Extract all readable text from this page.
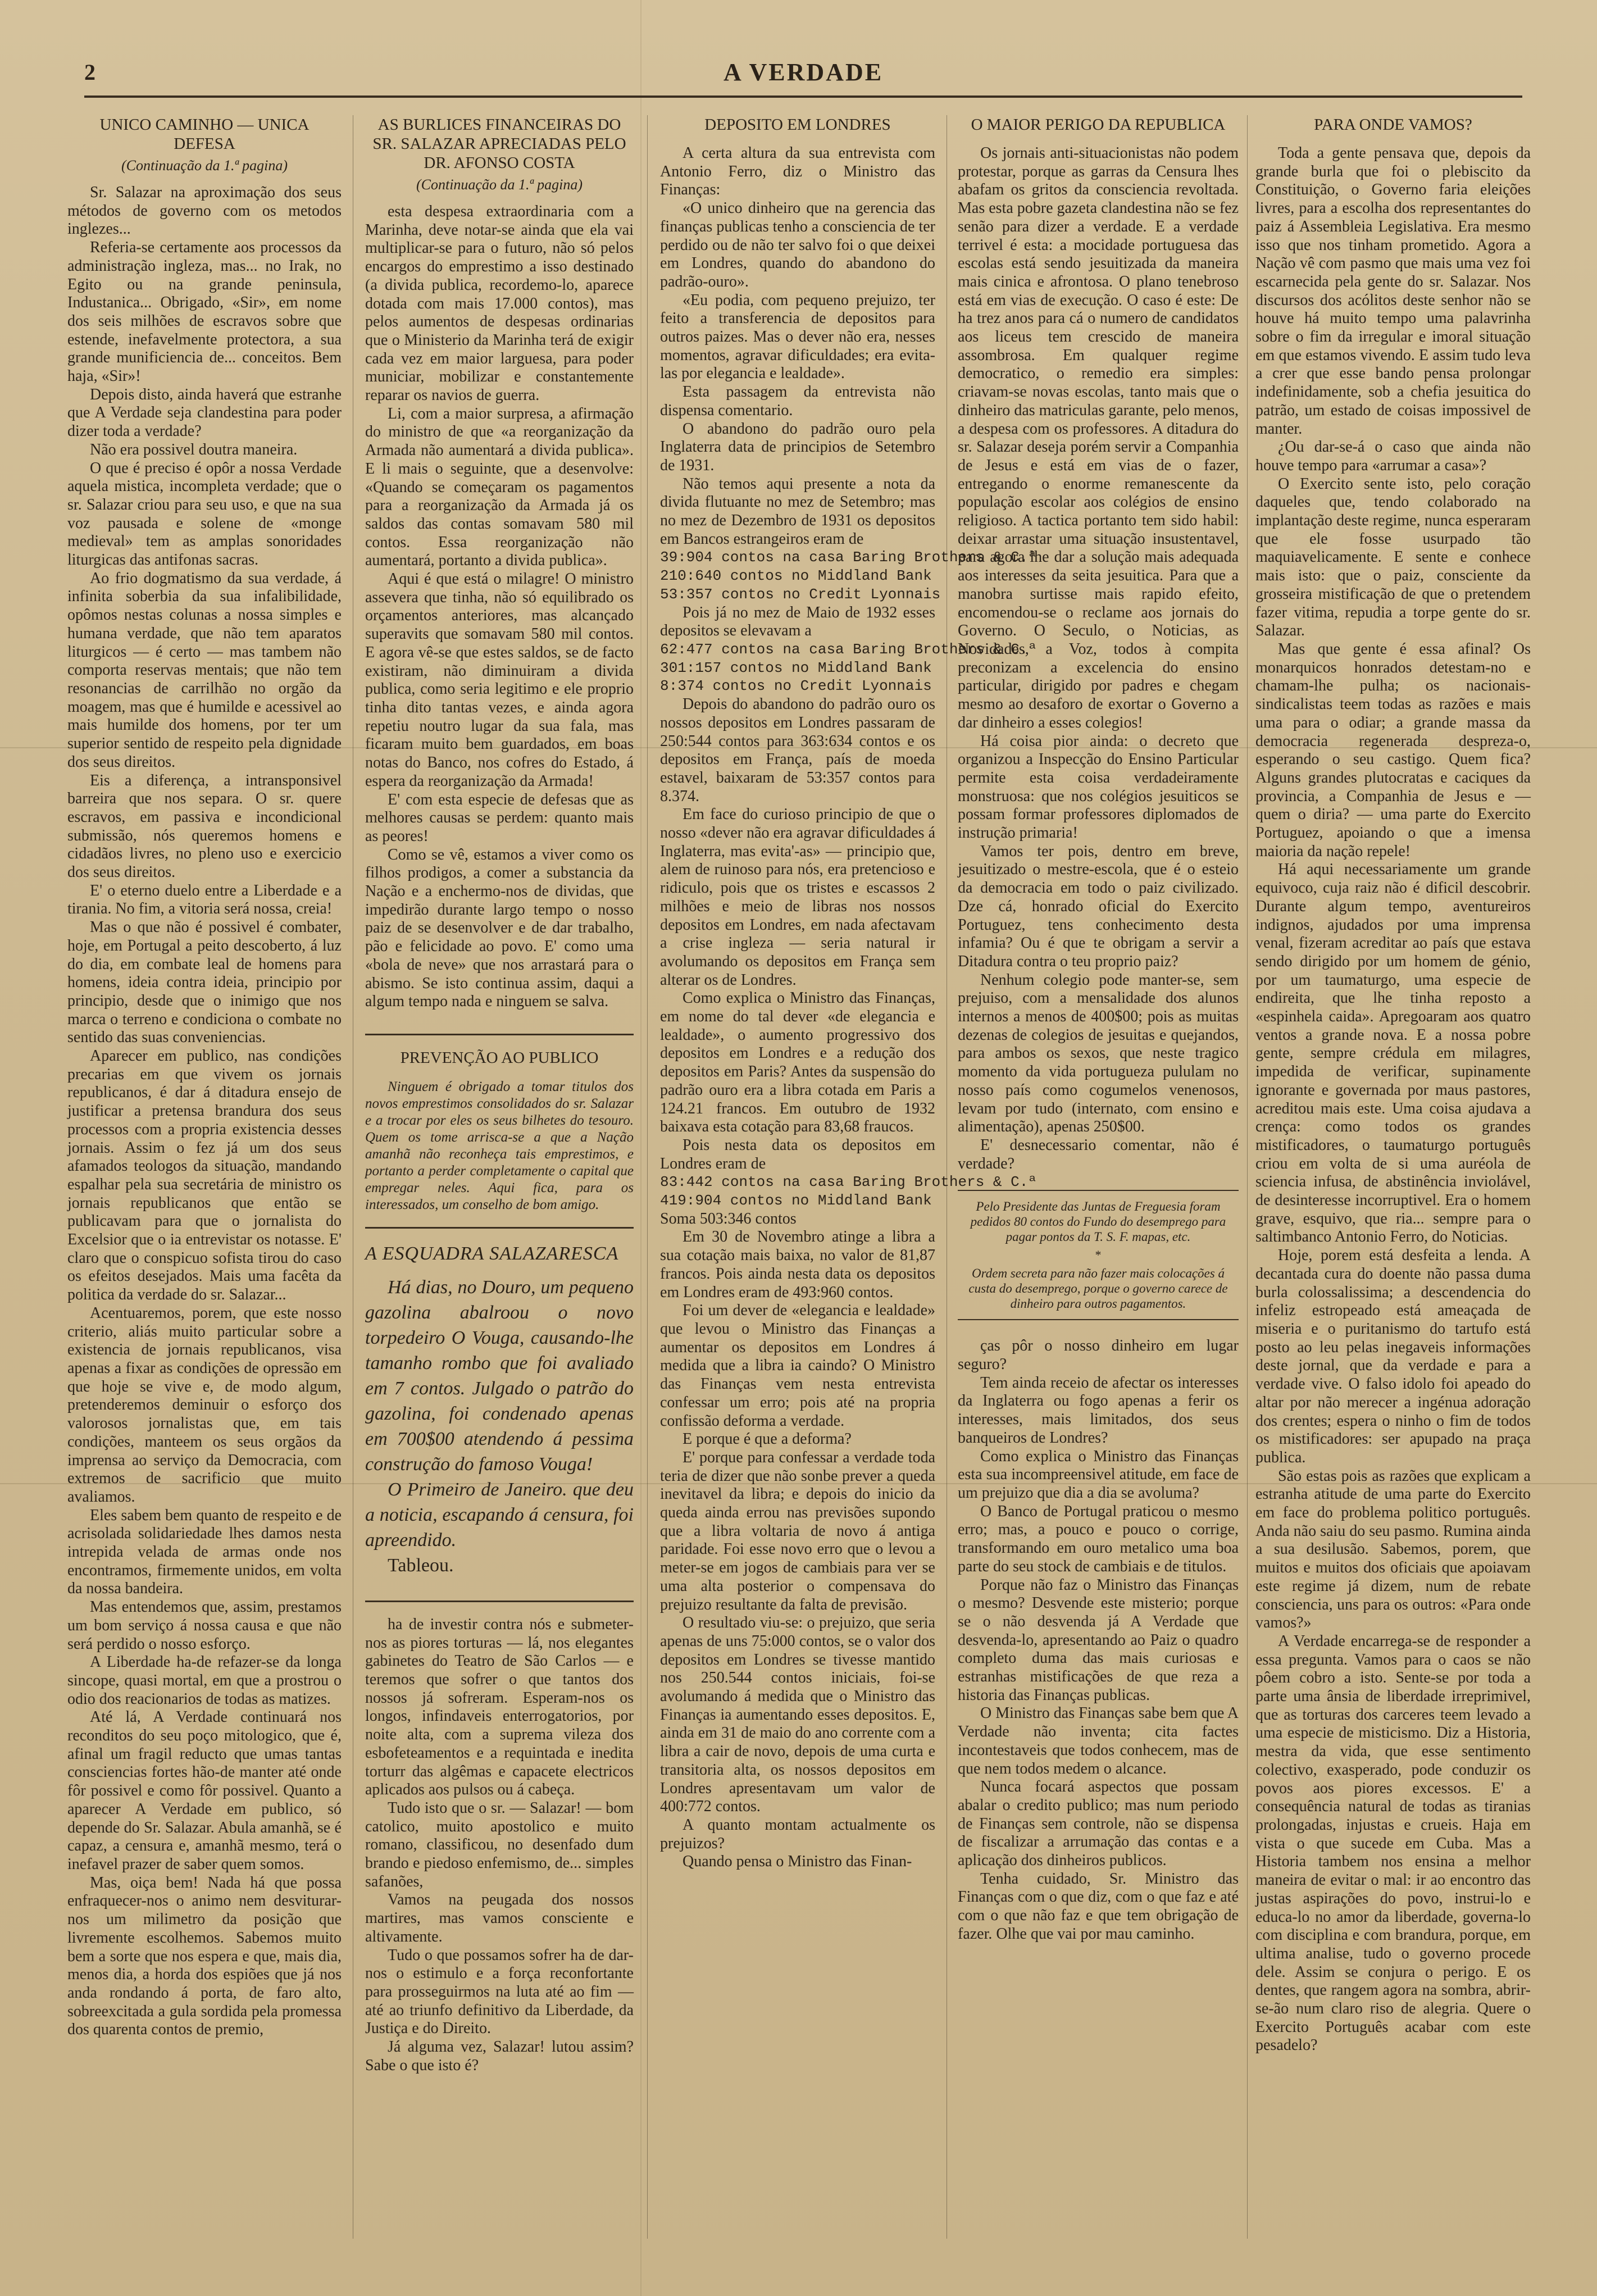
2	A VERDADE
UNICO CAMINHO — UNICA DEFESA
(Continuação da 1.ª pagina)

Sr. Salazar na aproximação dos seus métodos de governo com os metodos inglezes...

Referia-se certamente aos processos da administração ingleza, mas... no Irak, no Egito ou na grande peninsula, Industanica... Obrigado, «Sir», em nome dos seis milhões de escravos sobre que estende, inefavelmente protectora, a sua grande munificiencia de... conceitos. Bem haja, «Sir»!

Depois disto, ainda haverá que estranhe que A Verdade seja clandestina para poder dizer toda a verdade?

Não era possivel doutra maneira.

O que é preciso é opôr a nossa Verdade aquela mistica, incompleta verdade; que o sr. Salazar criou para seu uso, e que na sua voz pausada e solene de «monge medieval» tem as amplas sonoridades liturgicas das antifonas sacras.

Ao frio dogmatismo da sua verdade, á infinita soberbia da sua infalibilidade, opômos nestas colunas a nossa simples e humana verdade, que não tem aparatos liturgicos — é certo — mas tambem não comporta reservas mentais; que não tem resonancias de carrilhão no orgão da moagem, mas que é humilde e acessivel ao mais humilde dos homens, por ter um superior sentido de respeito pela dignidade dos seus direitos.

Eis a diferença, a intransponsivel barreira que nos separa. O sr. quere escravos, em passiva e incondicional submissão, nós queremos homens e cidadãos livres, no pleno uso e exercicio dos seus direitos.

E' o eterno duelo entre a Liberdade e a tirania. No fim, a vitoria será nossa, creia!

Mas o que não é possivel é combater, hoje, em Portugal a peito descoberto, á luz do dia, em combate leal de homens para homens, ideia contra ideia, principio por principio, desde que o inimigo que nos marca o terreno e condiciona o combate no sentido das suas conveniencias.

Aparecer em publico, nas condições precarias em que vivem os jornais republicanos, é dar á ditadura ensejo de justificar a pretensa brandura dos seus processos com a propria existencia desses jornais. Assim o fez já um dos seus afamados teologos da situação, mandando espalhar pela sua secretária de ministro os jornais republicanos que então se publicavam para que o jornalista do Excelsior que o ia entrevistar os notasse. E' claro que o conspicuo sofista tirou do caso os efeitos desejados. Mais uma facêta da politica da verdade do sr. Salazar...

Acentuaremos, porem, que este nosso criterio, aliás muito particular sobre a existencia de jornais republicanos, visa apenas a fixar as condições de opressão em que hoje se vive e, de modo algum, pretenderemos deminuir o esforço dos valorosos jornalistas que, em tais condições, manteem os seus orgãos da imprensa ao serviço da Democracia, com extremos de sacrificio que muito avaliamos.

Eles sabem bem quanto de respeito e de acrisolada solidariedade lhes damos nesta intrepida velada de armas onde nos encontramos, firmemente unidos, em volta da nossa bandeira.

Mas entendemos que, assim, prestamos um bom serviço á nossa causa e que não será perdido o nosso esforço.

A Liberdade ha-de refazer-se da longa sincope, quasi mortal, em que a prostrou o odio dos reacionarios de todas as matizes.

Até lá, A Verdade continuará nos reconditos do seu poço mitologico, que é, afinal um fragil reducto que umas tantas consciencias fortes hão-de manter até onde fôr possivel e como fôr possivel. Quanto a aparecer A Verdade em publico, só depende do Sr. Salazar. Abula amanhã, se é capaz, a censura e, amanhã mesmo, terá o inefavel prazer de saber quem somos.

Mas, oiça bem! Nada há que possa enfraquecer-nos o animo nem desviturar-nos um milimetro da posição que livremente escolhemos. Sabemos muito bem a sorte que nos espera e que, mais dia, menos dia, a horda dos espiões que já nos anda rondando á porta, de faro alto, sobreexcitada a gula sordida pela promessa dos quarenta contos de premio,

AS BURLICES FINANCEIRAS DO SR. SALAZAR APRECIADAS PELO DR. AFONSO COSTA
(Continuação da 1.ª pagina)

esta despesa extraordinaria com a Marinha, deve notar-se ainda que ela vai multiplicar-se para o futuro, não só pelos encargos do emprestimo a isso destinado (a divida publica, recordemo-lo, aparece dotada com mais 17.000 contos), mas pelos aumentos de despesas ordinarias que o Ministerio da Marinha terá de exigir cada vez em maior larguesa, para poder municiar, mobilizar e constantemente reparar os navios de guerra.

Li, com a maior surpresa, a afirmação do ministro de que «a reorganização da Armada não aumentará a divida publica». E li mais o seguinte, que a desenvolve: «Quando se começaram os pagamentos para a reorganização da Armada já os saldos das contas somavam 580 mil contos. Essa reorganização não aumentará, portanto a divida publica».

Aqui é que está o milagre! O ministro assevera que tinha, não só equilibrado os orçamentos anteriores, mas alcançado superavits que somavam 580 mil contos. E agora vê-se que estes saldos, se de facto existiram, não diminuiram a divida publica, como seria legitimo e ele proprio tinha dito tantas vezes, e ainda agora repetiu noutro lugar da sua fala, mas ficaram muito bem guardados, em boas notas do Banco, nos cofres do Estado, á espera da reorganização da Armada!

E' com esta especie de defesas que as melhores causas se perdem: quanto mais as peores!

Como se vê, estamos a viver como os filhos prodigos, a comer a substancia da Nação e a enchermo-nos de dividas, que impedirão durante largo tempo o nosso paiz de se desenvolver e de dar trabalho, pão e felicidade ao povo. E' como uma «bola de neve» que nos arrastará para o abismo. Se isto continua assim, daqui a algum tempo nada e ninguem se salva.

PREVENÇÃO AO PUBLICO

Ninguem é obrigado a tomar titulos dos novos emprestimos consolidados do sr. Salazar e a trocar por eles os seus bilhetes do tesouro. Quem os tome arrisca-se a que a Nação amanhã não reconheça tais emprestimos, e portanto a perder completamente o capital que empregar neles. Aqui fica, para os interessados, um conselho de bom amigo.

A ESQUADRA SALAZARESCA

Há dias, no Douro, um pequeno gazolina abalroou o novo torpedeiro O Vouga, causando-lhe tamanho rombo que foi avaliado em 7 contos. Julgado o patrão do gazolina, foi condenado apenas em 700$00 atendendo á pessima construção do famoso Vouga!

O Primeiro de Janeiro. que deu a noticia, escapando á censura, foi apreendido.

Tableou.

ha de investir contra nós e submeter-nos as piores torturas — lá, nos elegantes gabinetes do Teatro de São Carlos — e teremos que sofrer o que tantos dos nossos já sofreram. Esperam-nos os longos, infindaveis enterrogatorios, por noite alta, com a suprema vileza dos esbofeteamentos e a requintada e inedita torturr das algêmas e capacete electricos aplicados aos pulsos ou á cabeça.

Tudo isto que o sr. — Salazar! — bom catolico, muito apostolico e muito romano, classificou, no desenfado dum brando e piedoso enfemismo, de... simples safanões,

Vamos na peugada dos nossos martires, mas vamos consciente e altivamente.

Tudo o que possamos sofrer ha de dar-nos o estimulo e a força reconfortante para prosseguirmos na luta até ao fim — até ao triunfo definitivo da Liberdade, da Justiça e do Direito.

Já alguma vez, Salazar! lutou assim? Sabe o que isto é?

DEPOSITO EM LONDRES

A certa altura da sua entrevista com Antonio Ferro, diz o Ministro das Finanças:

«O unico dinheiro que na gerencia das finanças publicas tenho a consciencia de ter perdido ou de não ter salvo foi o que deixei em Londres, quando do abandono do padrão-ouro».

«Eu podia, com pequeno prejuizo, ter feito a transferencia de depositos para outros paizes. Mas o dever não era, nesses momentos, agravar dificuldades; era evita-las por elegancia e lealdade».

Esta passagem da entrevista não dispensa comentario.

O abandono do padrão ouro pela Inglaterra data de principios de Setembro de 1931.

Não temos aqui presente a nota da divida flutuante no mez de Setembro; mas no mez de Dezembro de 1931 os depositos em Bancos estrangeiros eram de

39:904 contos na casa Baring Brothers & C.ª
210:640 contos no Middland Bank
53:357 contos no Credit Lyonnais

Pois já no mez de Maio de 1932 esses depositos se elevavam a

62:477 contos na casa Baring Brothers & C.ª
301:157 contos no Middland Bank
8:374 contos no Credit Lyonnais

Depois do abandono do padrão ouro os nossos depositos em Londres passaram de 250:544 contos para 363:634 contos e os depositos em França, país de moeda estavel, baixaram de 53:357 contos para 8.374.

Em face do curioso principio de que o nosso «dever não era agravar dificuldades á Inglaterra, mas evita'-as» — principio que, alem de ruinoso para nós, era pretencioso e ridiculo, pois que os tristes e escassos 2 milhões e meio de libras nos nossos depositos em Londres, em nada afectavam a crise ingleza — seria natural ir avolumando os depositos em França sem alterar os de Londres.

Como explica o Ministro das Finanças, em nome do tal dever «de elegancia e lealdade», o aumento progressivo dos depositos em Londres e a redução dos depositos em Paris? Antes da suspensão do padrão ouro era a libra cotada em Paris a 124.21 francos. Em outubro de 1932 baixava esta cotação para 83,68 fraucos.

Pois nesta data os depositos em Londres eram de

83:442 contos na casa Baring Brothers & C.ª
419:904 contos no Middland Bank

Soma 503:346 contos

Em 30 de Novembro atinge a libra a sua cotação mais baixa, no valor de 81,87 francos. Pois ainda nesta data os depositos em Londres eram de 493:960 contos.

Foi um dever de «elegancia e lealdade» que levou o Ministro das Finanças a aumentar os depositos em Londres á medida que a libra ia caindo? O Ministro das Finanças vem nesta entrevista confessar um erro; pois até na propria confissão deforma a verdade.

E porque é que a deforma?

E' porque para confessar a verdade toda teria de dizer que não sonbe prever a queda inevitavel da libra; e depois do inicio da queda ainda errou nas previsões supondo que a libra voltaria de novo á antiga paridade. Foi esse novo erro que o levou a meter-se em jogos de cambiais para ver se uma alta posterior o compensava do prejuizo resultante da falta de previsão.

O resultado viu-se: o prejuizo, que seria apenas de uns 75:000 contos, se o valor dos depositos em Londres se tivesse mantido nos 250.544 contos iniciais, foi-se avolumando á medida que o Ministro das Finanças ia aumentando esses depositos. E, ainda em 31 de maio do ano corrente com a libra a cair de novo, depois de uma curta e transitoria alta, os nossos depositos em Londres apresentavam um valor de 400:772 contos.

A quanto montam actualmente os prejuizos?

Quando pensa o Ministro das Finan-

O MAIOR PERIGO DA REPUBLICA

Os jornais anti-situacionistas não podem protestar, porque as garras da Censura lhes abafam os gritos da consciencia revoltada. Mas esta pobre gazeta clandestina não se fez senão para dizer a verdade. E a verdade terrivel é esta: a mocidade portuguesa das escolas está sendo jesuitizada da maneira mais cinica e afrontosa. O plano tenebroso está em vias de execução. O caso é este: De ha trez anos para cá o numero de candidatos aos liceus tem crescido de maneira assombrosa. Em qualquer regime democratico, o remedio era simples: criavam-se novas escolas, tanto mais que o dinheiro das matriculas garante, pelo menos, a despesa com os professores. A ditadura do sr. Salazar deseja porém servir a Companhia de Jesus e está em vias de o fazer, entregando o enorme remanescente da população escolar aos colégios de ensino religioso. A tactica portanto tem sido habil: deixar arrastar uma situação insustentavel, para agora lhe dar a solução mais adequada aos interesses da seita jesuitica. Para que a manobra surtisse mais rapido efeito, encomendou-se o reclame aos jornais do Governo. O Seculo, o Noticias, as Novidades, a Voz, todos à compita preconizam a excelencia do ensino particular, dirigido por padres e chegam mesmo ao desaforo de exortar o Governo a dar dinheiro a esses colegios!

Há coisa pior ainda: o decreto que organizou a Inspecção do Ensino Particular permite esta coisa verdadeiramente monstruosa: que nos colégios jesuiticos se possam formar professores diplomados de instrução primaria!

Vamos ter pois, dentro em breve, jesuitizado o mestre-escola, que é o esteio da democracia em todo o paiz civilizado. Dze cá, honrado oficial do Exercito Portuguez, tens conhecimento desta infamia? Ou é que te obrigam a servir a Ditadura contra o teu proprio paiz?

Nenhum colegio pode manter-se, sem prejuiso, com a mensalidade dos alunos internos a menos de 400$00; pois as muitas dezenas de colegios de jesuitas e quejandos, para ambos os sexos, que neste tragico momento da vida portugueza pululam no nosso país como cogumelos venenosos, levam por tudo (internato, com ensino e alimentação), apenas 250$00.

E' desnecessario comentar, não é verdade?

Pelo Presidente das Juntas de Freguesia foram pedidos 80 contos do Fundo do desemprego para pagar pontos da T. S. F. mapas, etc.

*

Ordem secreta para não fazer mais colocações á custa do desemprego, porque o governo carece de dinheiro para outros pagamentos.

ças pôr o nosso dinheiro em lugar seguro?

Tem ainda receio de afectar os interesses da Inglaterra ou fogo apenas a ferir os interesses, mais limitados, dos seus banqueiros de Londres?

Como explica o Ministro das Finanças esta sua incompreensivel atitude, em face de um prejuizo que dia a dia se avoluma?

O Banco de Portugal praticou o mesmo erro; mas, a pouco e pouco o corrige, transformando em ouro metalico uma boa parte do seu stock de cambiais e de titulos.

Porque não faz o Ministro das Finanças o mesmo? Desvende este misterio; porque se o não desvenda já A Verdade que desvenda-lo, apresentando ao Paiz o quadro completo duma das mais curiosas e estranhas mistificações de que reza a historia das Finanças publicas.

O Ministro das Finanças sabe bem que A Verdade não inventa; cita factes incontestaveis que todos conhecem, mas de que nem todos medem o alcance.

Nunca focará aspectos que possam abalar o credito publico; mas num periodo de Finanças sem controle, não se dispensa de fiscalizar a arrumação das contas e a aplicação dos dinheiros publicos.

Tenha cuidado, Sr. Ministro das Finanças com o que diz, com o que faz e até com o que não faz e que tem obrigação de fazer. Olhe que vai por mau caminho.

PARA ONDE VAMOS?

Toda a gente pensava que, depois da grande burla que foi o plebiscito da Constituição, o Governo faria eleições livres, para a escolha dos representantes do paiz á Assembleia Legislativa. Era mesmo isso que nos tinham prometido. Agora a Nação vê com pasmo que mais uma vez foi escarnecida pela gente do sr. Salazar. Nos discursos dos acólitos deste senhor não se houve há muito tempo uma palavrinha sobre o fim da irregular e imoral situação em que estamos vivendo. E assim tudo leva a crer que esse bando pensa prolongar indefinidamente, sob a chefia jesuitica do patrão, um estado de coisas impossivel de manter.

¿Ou dar-se-á o caso que ainda não houve tempo para «arrumar a casa»?

O Exercito sente isto, pelo coração daqueles que, tendo colaborado na implantação deste regime, nunca esperaram que ele fosse usurpado tão maquiavelicamente. E sente e conhece mais isto: que o paiz, consciente da grosseira mistificação de que o pretendem fazer vitima, repudia a torpe gente do sr. Salazar.

Mas que gente é essa afinal? Os monarquicos honrados detestam-no e chamam-lhe pulha; os nacionais-sindicalistas teem todas as razões e mais uma para o odiar; a grande massa da democracia regenerada despreza-o, esperando o seu castigo. Quem fica? Alguns grandes plutocratas e caciques da provincia, a Companhia de Jesus e — quem o diria? — uma parte do Exercito Portuguez, apoiando o que a imensa maioria da nação repele!

Há aqui necessariamente um grande equivoco, cuja raiz não é dificil descobrir. Durante algum tempo, aventureiros indignos, ajudados por uma imprensa venal, fizeram acreditar ao país que estava sendo dirigido por um homem de génio, por um taumaturgo, uma especie de endireita, que lhe tinha reposto a «espinhela caida». Apregoaram aos quatro ventos a grande nova. E a nossa pobre gente, sempre crédula em milagres, impedida de verificar, supinamente ignorante e governada por maus pastores, acreditou mais este. Uma coisa ajudava a crença: como todos os grandes mistificadores, o taumaturgo português criou em volta de si uma auréola de sciencia infusa, de abstinência inviolável, de desinteresse incorruptivel. Era o homem grave, esquivo, que ria... sempre para o saltimbanco Antonio Ferro, do Noticias.

Hoje, porem está desfeita a lenda. A decantada cura do doente não passa duma burla colossalissima; a descendencia do infeliz estropeado está ameaçada de miseria e o puritanismo do tartufo está posto ao leu pelas inegaveis informações deste jornal, que da verdade e para a verdade vive. O falso idolo foi apeado do altar por não merecer a ingénua adoração dos crentes; espera o ninho o fim de todos os mistificadores: ser apupado na praça publica.

São estas pois as razões que explicam a estranha atitude de uma parte do Exercito em face do problema politico português. Anda não saiu do seu pasmo. Rumina ainda a sua desilusão. Sabemos, porem, que muitos e muitos dos oficiais que apoiavam este regime já dizem, num de rebate consciencia, uns para os outros: «Para onde vamos?»

A Verdade encarrega-se de responder a essa pregunta. Vamos para o caos se não pôem cobro a isto. Sente-se por toda a parte uma ânsia de liberdade irreprimivel, que as torturas dos carceres teem levado a uma especie de misticismo. Diz a Historia, mestra da vida, que esse sentimento colectivo, exasperado, pode conduzir os povos aos piores excessos. E' a consequência natural de todas as tiranias prolongadas, injustas e crueis. Haja em vista o que sucede em Cuba. Mas a Historia tambem nos ensina a melhor maneira de evitar o mal: ir ao encontro das justas aspirações do povo, instrui-lo e educa-lo no amor da liberdade, governa-lo com disciplina e com brandura, porque, em ultima analise, tudo o governo procede dele. Assim se conjura o perigo. E os dentes, que rangem agora na sombra, abrir-se-ão num claro riso de alegria. Quere o Exercito Português acabar com este pesadelo?
